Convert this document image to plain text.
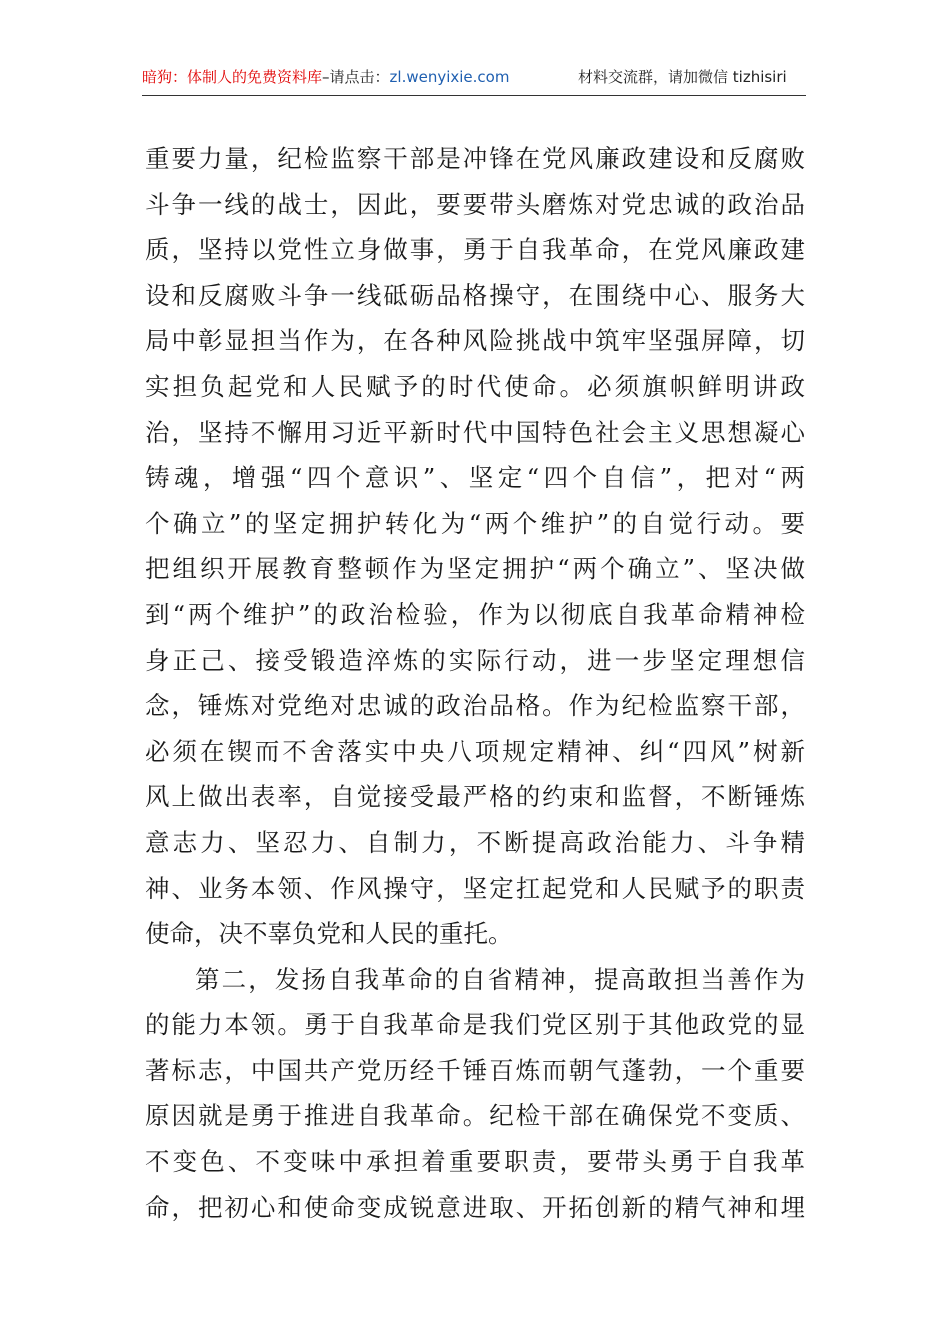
暗狗：体制人的免费资料库–请点击：zl.wenyixie.com	材料交流群，请加微信 tizhisiri
重要力量，纪检监察干部是冲锋在党风廉政建设和反腐败
斗争一线的战士，因此，要要带头磨炼对党忠诚的政治品
质，坚持以党性立身做事，勇于自我革命，在党风廉政建
设和反腐败斗争一线砥砺品格操守，在围绕中心、服务大
局中彰显担当作为，在各种风险挑战中筑牢坚强屏障，切
实担负起党和人民赋予的时代使命。必须旗帜鲜明讲政
治，坚持不懈用习近平新时代中国特色社会主义思想凝心
铸魂，增强“四个意识”、坚定“四个自信”，把对“两
个确立”的坚定拥护转化为“两个维护”的自觉行动。要
把组织开展教育整顿作为坚定拥护“两个确立”、坚决做
到“两个维护”的政治检验，作为以彻底自我革命精神检
身正己、接受锻造淬炼的实际行动，进一步坚定理想信
念，锤炼对党绝对忠诚的政治品格。作为纪检监察干部，
必须在锲而不舍落实中央八项规定精神、纠“四风”树新
风上做出表率，自觉接受最严格的约束和监督，不断锤炼
意志力、坚忍力、自制力，不断提高政治能力、斗争精
神、业务本领、作风操守，坚定扛起党和人民赋予的职责
使命，决不辜负党和人民的重托。
第二，发扬自我革命的自省精神，提高敢担当善作为
的能力本领。勇于自我革命是我们党区别于其他政党的显
著标志，中国共产党历经千锤百炼而朝气蓬勃，一个重要
原因就是勇于推进自我革命。纪检干部在确保党不变质、
不变色、不变味中承担着重要职责，要带头勇于自我革
命，把初心和使命变成锐意进取、开拓创新的精气神和埋
